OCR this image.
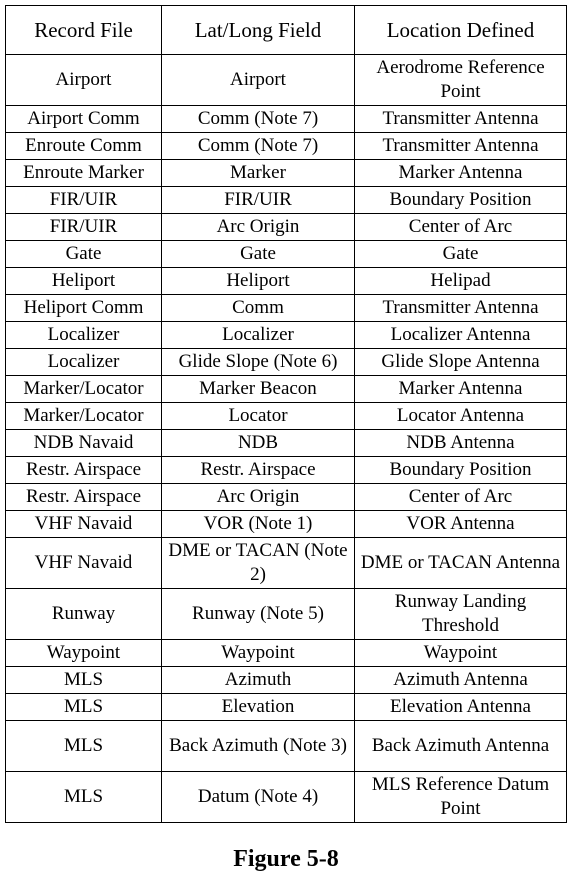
Record File	Lat/Long Field	Location Defined
Airport	Airport	Aerodrome Reference Point
Airport Comm	Comm (Note 7)	Transmitter Antenna
Enroute Comm	Comm (Note 7)	Transmitter Antenna
Enroute Marker	Marker	Marker Antenna
FIR/UIR	FIR/UIR	Boundary Position
FIR/UIR	Arc Origin	Center of Arc
Gate	Gate	Gate
Heliport	Heliport	Helipad
Heliport Comm	Comm	Transmitter Antenna
Localizer	Localizer	Localizer Antenna
Localizer	Glide Slope (Note 6)	Glide Slope Antenna
Marker/Locator	Marker Beacon	Marker Antenna
Marker/Locator	Locator	Locator Antenna
NDB Navaid	NDB	NDB Antenna
Restr. Airspace	Restr. Airspace	Boundary Position
Restr. Airspace	Arc Origin	Center of Arc
VHF Navaid	VOR (Note 1)	VOR Antenna
VHF Navaid	DME or TACAN (Note 2)	DME or TACAN Antenna
Runway	Runway (Note 5)	Runway Landing Threshold
Waypoint	Waypoint	Waypoint
MLS	Azimuth	Azimuth Antenna
MLS	Elevation	Elevation Antenna
MLS	Back Azimuth (Note 3)	Back Azimuth Antenna
MLS	Datum (Note 4)	MLS Reference Datum Point
Figure 5-8
